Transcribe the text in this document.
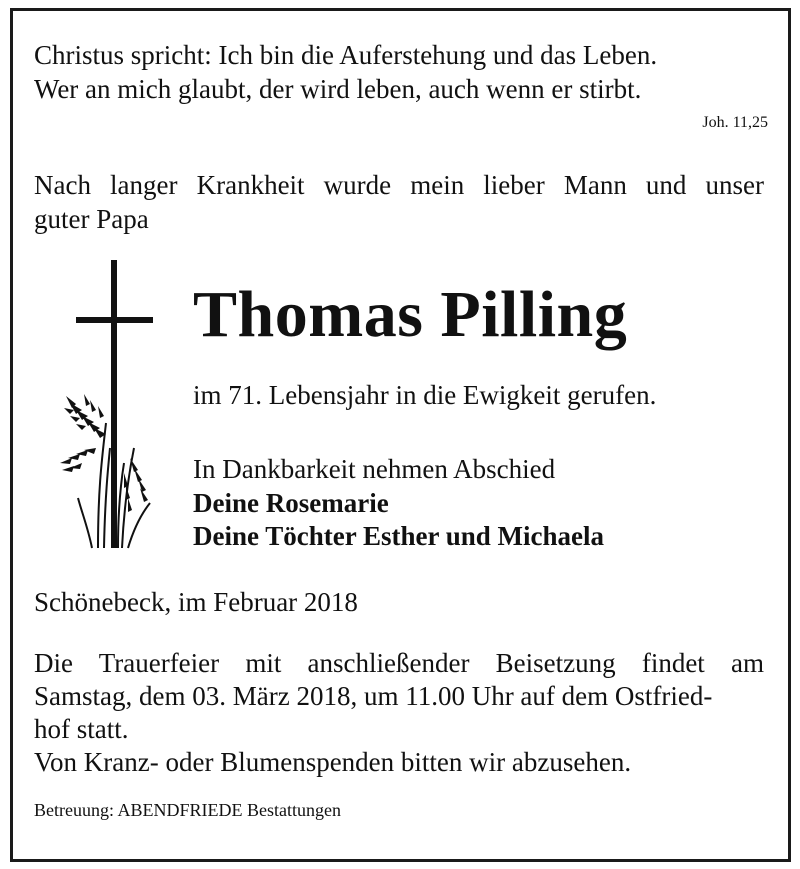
Christus spricht: Ich bin die Auferstehung und das Leben.

Wer an mich glaubt, der wird leben, auch wenn er stirbt.

Joh. 11,25

Nach langer Krankheit wurde mein lieber Mann und unser

guter Papa

Thomas Pilling

im 71. Lebensjahr in die Ewigkeit gerufen.

In Dankbarkeit nehmen Abschied

Deine Rosemarie

Deine Töchter Esther und Michaela

Schönebeck, im Februar 2018

Die Trauerfeier mit anschließender Beisetzung findet am

Samstag, dem 03. März 2018, um 11.00 Uhr auf dem Ostfried-

hof statt.

Von Kranz- oder Blumenspenden bitten wir abzusehen.

Betreuung: ABENDFRIEDE Bestattungen
